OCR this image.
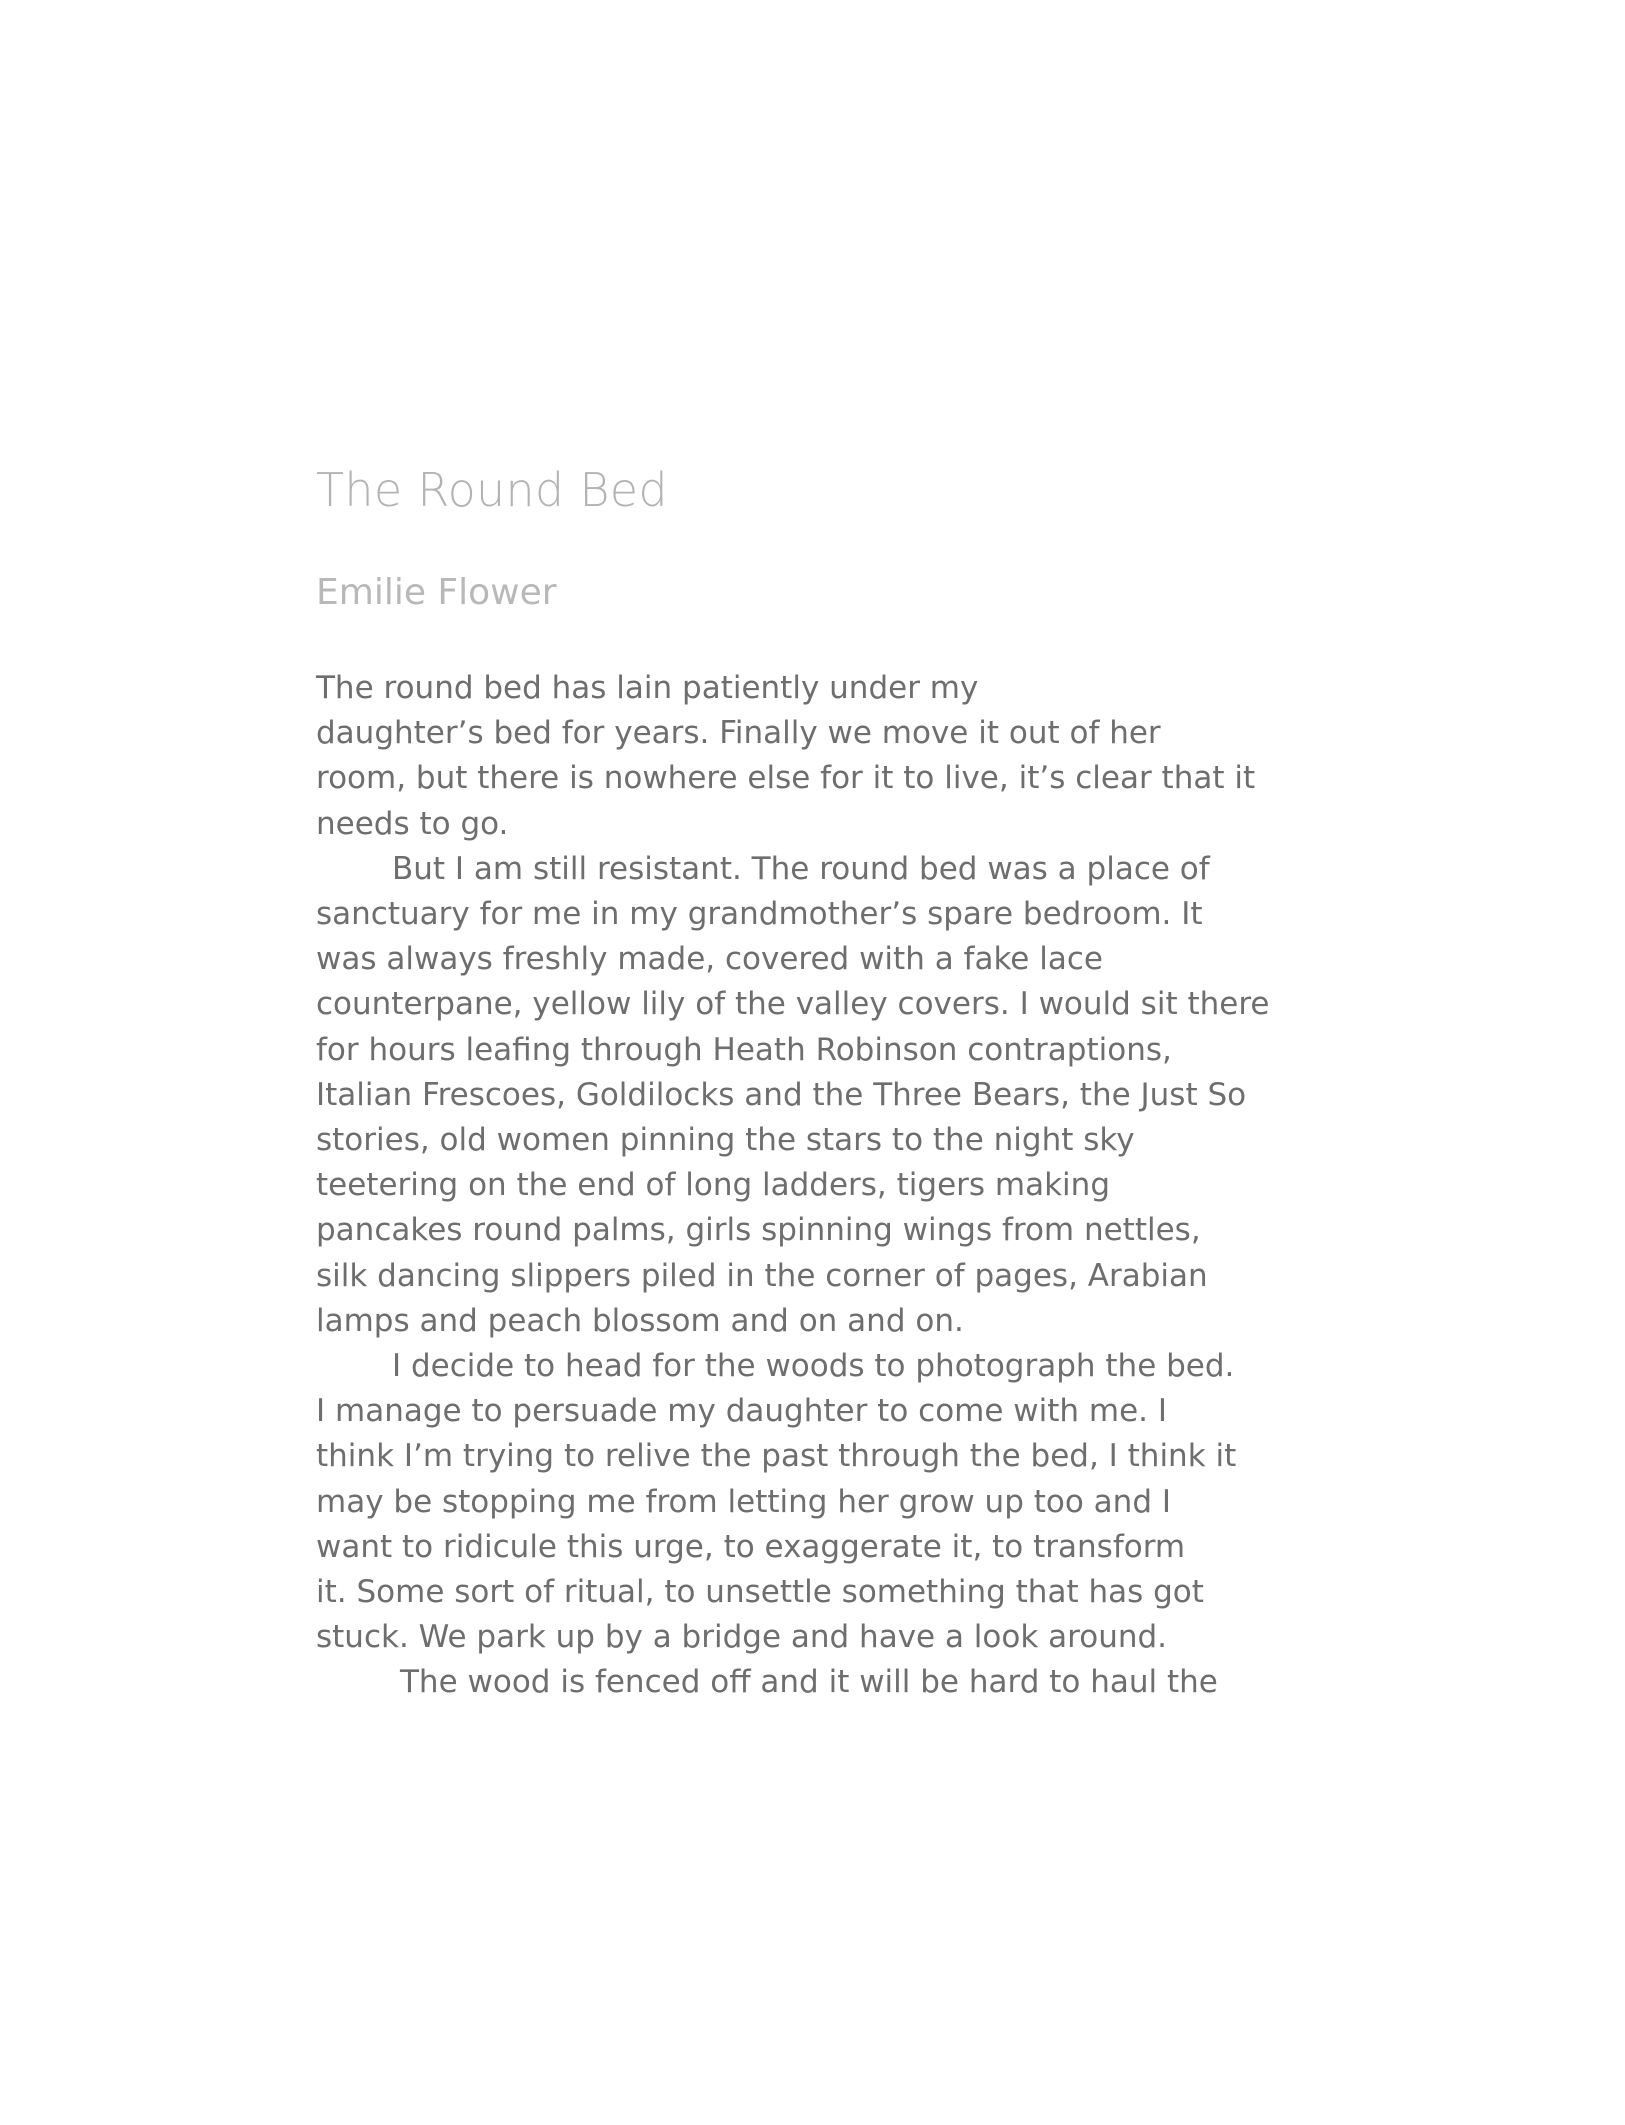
The Round Bed
Emilie Flower
The round bed has lain patiently under my
daughter’s bed for years. Finally we move it out of her
room, but there is nowhere else for it to live, it’s clear that it
needs to go.
But I am still resistant. The round bed was a place of
sanctuary for me in my grandmother’s spare bedroom. It
was always freshly made, covered with a fake lace
counterpane, yellow lily of the valley covers. I would sit there
for hours leafing through Heath Robinson contraptions,
Italian Frescoes, Goldilocks and the Three Bears, the Just So
stories, old women pinning the stars to the night sky
teetering on the end of long ladders, tigers making
pancakes round palms, girls spinning wings from nettles,
silk dancing slippers piled in the corner of pages, Arabian
lamps and peach blossom and on and on.
I decide to head for the woods to photograph the bed.
I manage to persuade my daughter to come with me. I
think I’m trying to relive the past through the bed, I think it
may be stopping me from letting her grow up too and I
want to ridicule this urge, to exaggerate it, to transform
it. Some sort of ritual, to unsettle something that has got
stuck. We park up by a bridge and have a look around.
The wood is fenced off and it will be hard to haul the
